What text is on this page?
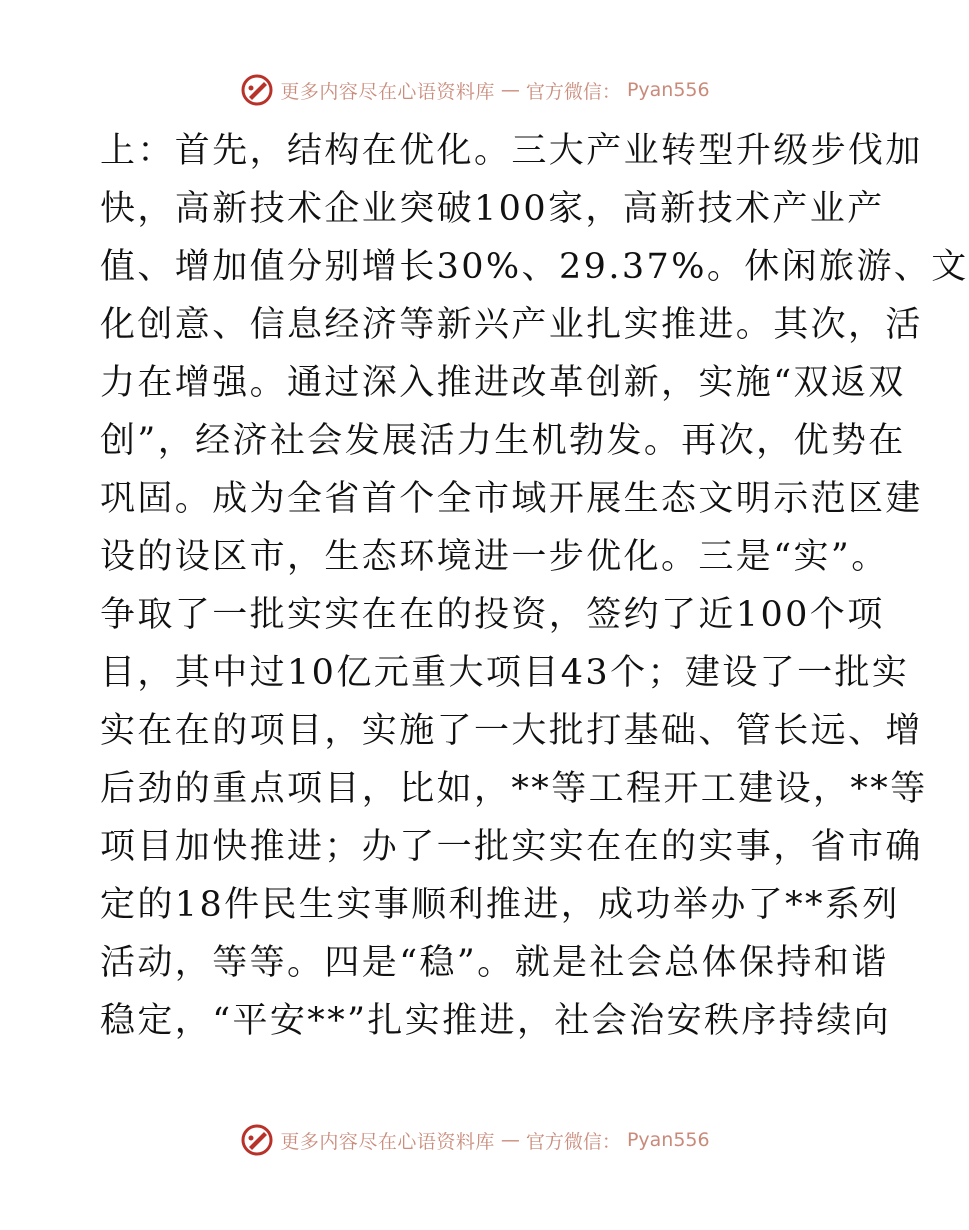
更多内容尽在心语资料库 — 官方微信： Pyan556
上：首先，结构在优化。三大产业转型升级步伐加
快，高新技术企业突破100家，高新技术产业产
值、增加值分别增长30%、29.37%。休闲旅游、文
化创意、信息经济等新兴产业扎实推进。其次，活
力在增强。通过深入推进改革创新，实施“双返双
创”，经济社会发展活力生机勃发。再次，优势在
巩固。成为全省首个全市域开展生态文明示范区建
设的设区市，生态环境进一步优化。三是“实”。
争取了一批实实在在的投资，签约了近100个项
目，其中过10亿元重大项目43个；建设了一批实
实在在的项目，实施了一大批打基础、管长远、增
后劲的重点项目，比如，**等工程开工建设，**等
项目加快推进；办了一批实实在在的实事，省市确
定的18件民生实事顺利推进，成功举办了**系列
活动，等等。四是“稳”。就是社会总体保持和谐
稳定，“平安**”扎实推进，社会治安秩序持续向
更多内容尽在心语资料库 — 官方微信： Pyan556
